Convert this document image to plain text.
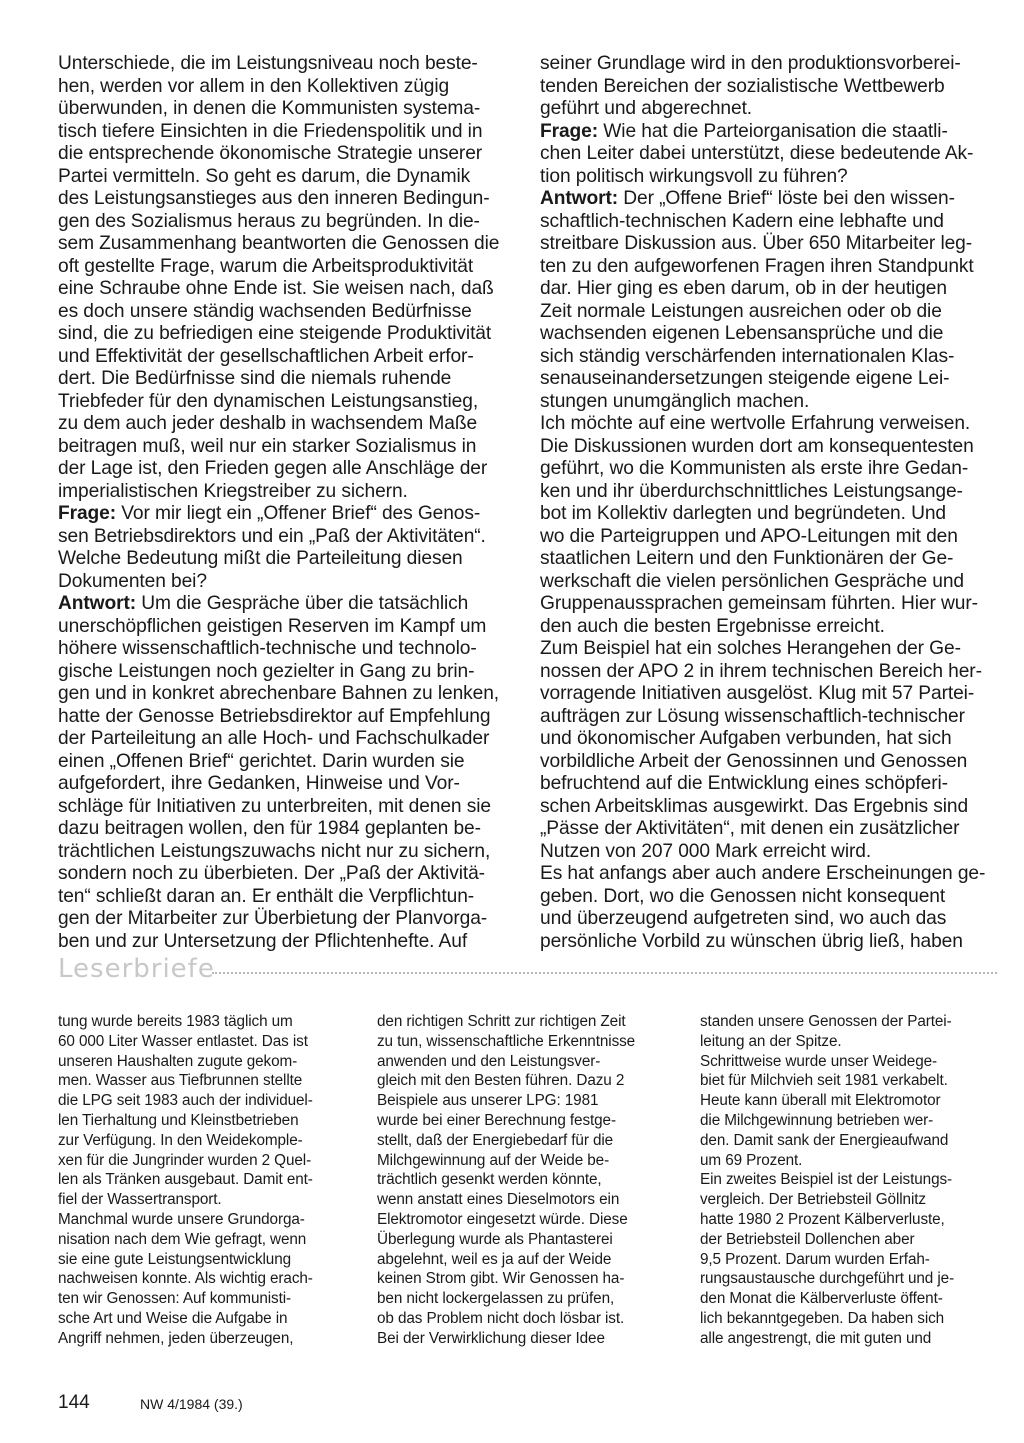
Unterschiede, die im Leistungsniveau noch beste-
hen, werden vor allem in den Kollektiven zügig
überwunden, in denen die Kommunisten systema-
tisch tiefere Einsichten in die Friedenspolitik und in
die entsprechende ökonomische Strategie unserer
Partei vermitteln. So geht es darum, die Dynamik
des Leistungsanstieges aus den inneren Bedingun-
gen des Sozialismus heraus zu begründen. In die-
sem Zusammenhang beantworten die Genossen die
oft gestellte Frage, warum die Arbeitsproduktivität
eine Schraube ohne Ende ist. Sie weisen nach, daß
es doch unsere ständig wachsenden Bedürfnisse
sind, die zu befriedigen eine steigende Produktivität
und Effektivität der gesellschaftlichen Arbeit erfor-
dert. Die Bedürfnisse sind die niemals ruhende
Triebfeder für den dynamischen Leistungsanstieg,
zu dem auch jeder deshalb in wachsendem Maße
beitragen muß, weil nur ein starker Sozialismus in
der Lage ist, den Frieden gegen alle Anschläge der
imperialistischen Kriegstreiber zu sichern.
Frage: Vor mir liegt ein „Offener Brief“ des Genos-
sen Betriebsdirektors und ein „Paß der Aktivitäten“.
Welche Bedeutung mißt die Parteileitung diesen
Dokumenten bei?
Antwort: Um die Gespräche über die tatsächlich
unerschöpflichen geistigen Reserven im Kampf um
höhere wissenschaftlich-technische und technolo-
gische Leistungen noch gezielter in Gang zu brin-
gen und in konkret abrechenbare Bahnen zu lenken,
hatte der Genosse Betriebsdirektor auf Empfehlung
der Parteileitung an alle Hoch- und Fachschulkader
einen „Offenen Brief“ gerichtet. Darin wurden sie
aufgefordert, ihre Gedanken, Hinweise und Vor-
schläge für Initiativen zu unterbreiten, mit denen sie
dazu beitragen wollen, den für 1984 geplanten be-
trächtlichen Leistungszuwachs nicht nur zu sichern,
sondern noch zu überbieten. Der „Paß der Aktivitä-
ten“ schließt daran an. Er enthält die Verpflichtun-
gen der Mitarbeiter zur Überbietung der Planvorga-
ben und zur Untersetzung der Pflichtenhefte. Auf
seiner Grundlage wird in den produktionsvorberei-
tenden Bereichen der sozialistische Wettbewerb
geführt und abgerechnet.
Frage: Wie hat die Parteiorganisation die staatli-
chen Leiter dabei unterstützt, diese bedeutende Ak-
tion politisch wirkungsvoll zu führen?
Antwort: Der „Offene Brief“ löste bei den wissen-
schaftlich-technischen Kadern eine lebhafte und
streitbare Diskussion aus. Über 650 Mitarbeiter leg-
ten zu den aufgeworfenen Fragen ihren Standpunkt
dar. Hier ging es eben darum, ob in der heutigen
Zeit normale Leistungen ausreichen oder ob die
wachsenden eigenen Lebensansprüche und die
sich ständig verschärfenden internationalen Klas-
senauseinandersetzungen steigende eigene Lei-
stungen unumgänglich machen.
Ich möchte auf eine wertvolle Erfahrung verweisen.
Die Diskussionen wurden dort am konsequentesten
geführt, wo die Kommunisten als erste ihre Gedan-
ken und ihr überdurchschnittliches Leistungsange-
bot im Kollektiv darlegten und begründeten. Und
wo die Parteigruppen und APO-Leitungen mit den
staatlichen Leitern und den Funktionären der Ge-
werkschaft die vielen persönlichen Gespräche und
Gruppenaussprachen gemeinsam führten. Hier wur-
den auch die besten Ergebnisse erreicht.
Zum Beispiel hat ein solches Herangehen der Ge-
nossen der APO 2 in ihrem technischen Bereich her-
vorragende Initiativen ausgelöst. Klug mit 57 Partei-
aufträgen zur Lösung wissenschaftlich-technischer
und ökonomischer Aufgaben verbunden, hat sich
vorbildliche Arbeit der Genossinnen und Genossen
befruchtend auf die Entwicklung eines schöpferi-
schen Arbeitsklimas ausgewirkt. Das Ergebnis sind
„Pässe der Aktivitäten“, mit denen ein zusätzlicher
Nutzen von 207 000 Mark erreicht wird.
Es hat anfangs aber auch andere Erscheinungen ge-
geben. Dort, wo die Genossen nicht konsequent
und überzeugend aufgetreten sind, wo auch das
persönliche Vorbild zu wünschen übrig ließ, haben
Leserbriefe
tung wurde bereits 1983 täglich um
60 000 Liter Wasser entlastet. Das ist
unseren Haushalten zugute gekom-
men. Wasser aus Tiefbrunnen stellte
die LPG seit 1983 auch der individuel-
len Tierhaltung und Kleinstbetrieben
zur Verfügung. In den Weidekomple-
xen für die Jungrinder wurden 2 Quel-
len als Tränken ausgebaut. Damit ent-
fiel der Wassertransport.
Manchmal wurde unsere Grundorga-
nisation nach dem Wie gefragt, wenn
sie eine gute Leistungsentwicklung
nachweisen konnte. Als wichtig erach-
ten wir Genossen: Auf kommunisti-
sche Art und Weise die Aufgabe in
Angriff nehmen, jeden überzeugen,
den richtigen Schritt zur richtigen Zeit
zu tun, wissenschaftliche Erkenntnisse
anwenden und den Leistungsver-
gleich mit den Besten führen. Dazu 2
Beispiele aus unserer LPG: 1981
wurde bei einer Berechnung festge-
stellt, daß der Energiebedarf für die
Milchgewinnung auf der Weide be-
trächtlich gesenkt werden könnte,
wenn anstatt eines Dieselmotors ein
Elektromotor eingesetzt würde. Diese
Überlegung wurde als Phantasterei
abgelehnt, weil es ja auf der Weide
keinen Strom gibt. Wir Genossen ha-
ben nicht lockergelassen zu prüfen,
ob das Problem nicht doch lösbar ist.
Bei der Verwirklichung dieser Idee
standen unsere Genossen der Partei-
leitung an der Spitze.
Schrittweise wurde unser Weidege-
biet für Milchvieh seit 1981 verkabelt.
Heute kann überall mit Elektromotor
die Milchgewinnung betrieben wer-
den. Damit sank der Energieaufwand
um 69 Prozent.
Ein zweites Beispiel ist der Leistungs-
vergleich. Der Betriebsteil Göllnitz
hatte 1980 2 Prozent Kälberverluste,
der Betriebsteil Dollenchen aber
9,5 Prozent. Darum wurden Erfah-
rungsaustausche durchgeführt und je-
den Monat die Kälberverluste öffent-
lich bekanntgegeben. Da haben sich
alle angestrengt, die mit guten und
144	NW 4/1984 (39.)
